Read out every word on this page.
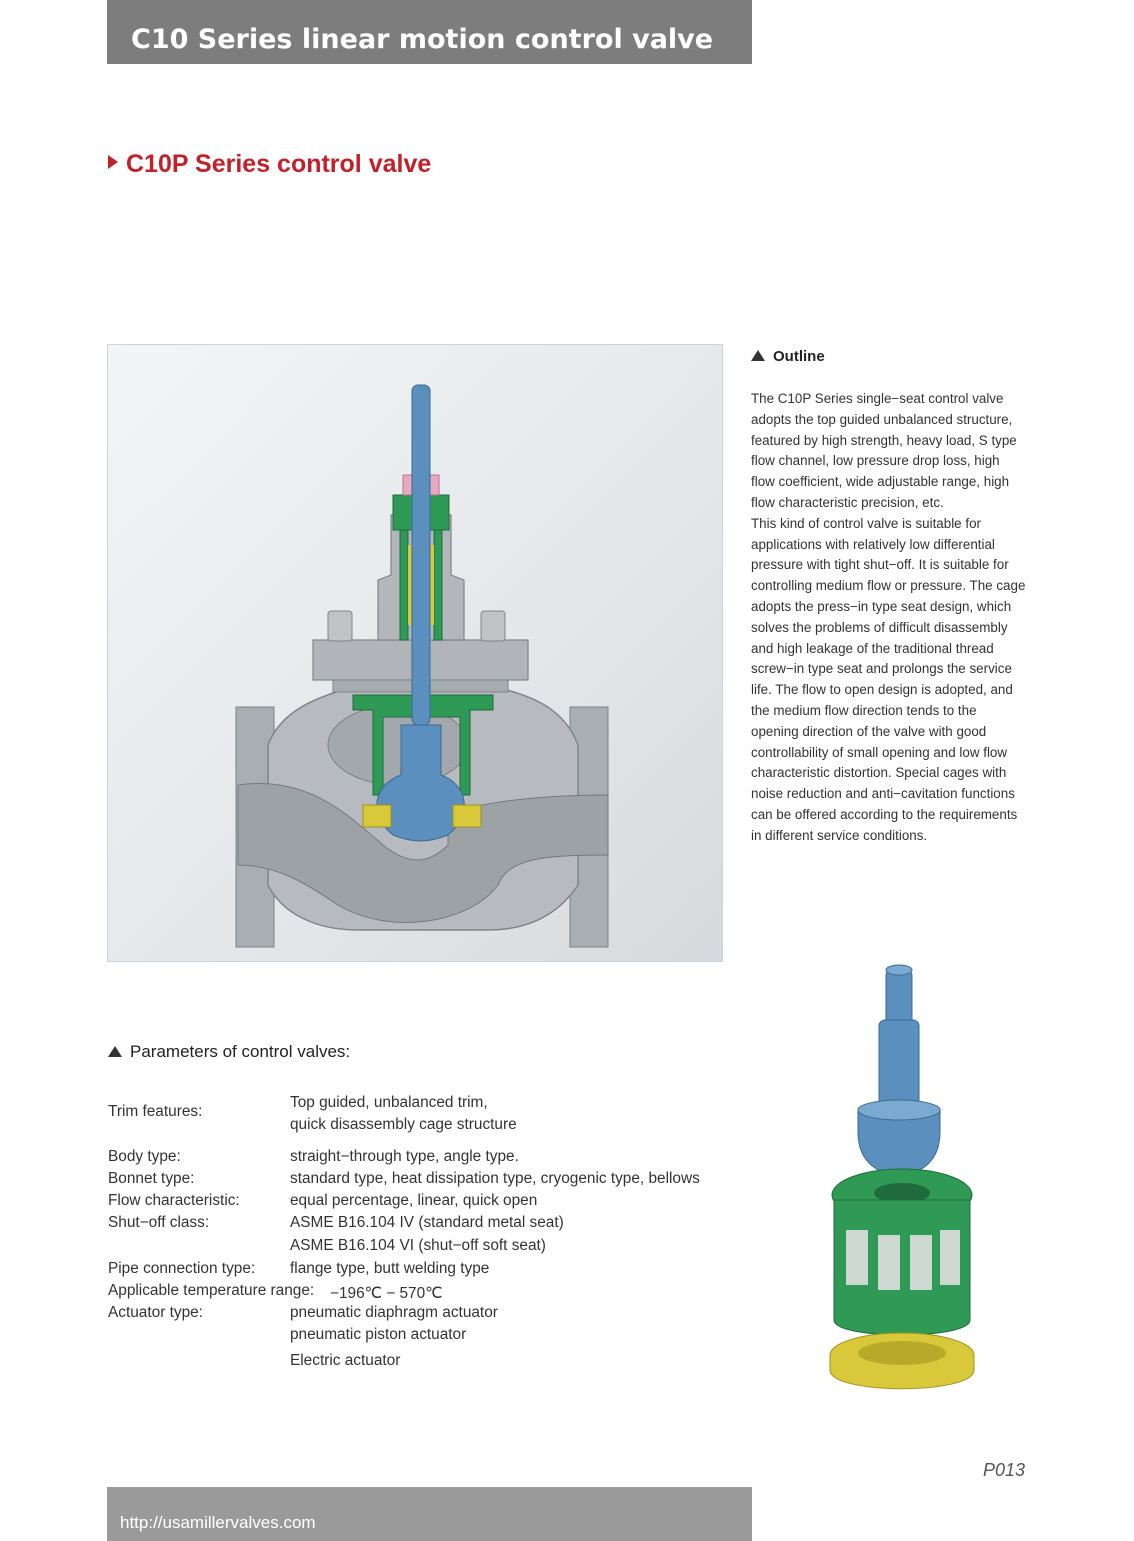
C10 Series linear motion control valve
C10P Series control valve
Outline
The C10P Series single−seat control valve adopts the top guided unbalanced structure, featured by high strength, heavy load, S type flow channel, low pressure drop loss, high flow coefficient, wide adjustable range, high flow characteristic precision, etc.
This kind of control valve is suitable for applications with relatively low differential pressure with tight shut−off. It is suitable for controlling medium flow or pressure. The cage adopts the press−in type seat design, which solves the problems of difficult disassembly and high leakage of the traditional thread screw−in type seat and prolongs the service life. The flow to open design is adopted, and the medium flow direction tends to the opening direction of the valve with good controllability of small opening and low flow characteristic distortion. Special cages with noise reduction and anti−cavitation functions can be offered according to the requirements in different service conditions.
Parameters of control valves:
Trim features:
Top guided, unbalanced trim,
quick disassembly cage structure
Body type:	straight−through type, angle type.
Bonnet type:	standard type, heat dissipation type, cryogenic type, bellows
Flow characteristic:	equal percentage, linear, quick open
Shut−off class:	ASME B16.104 IV (standard metal seat)
ASME B16.104 VI (shut−off soft seat)
Pipe connection type: flange type, butt welding type
Applicable temperature range: −196℃ − 570℃
Actuator type:	pneumatic diaphragm actuator
pneumatic piston actuator
Electric actuator
P013
http://usamillervalves.com
